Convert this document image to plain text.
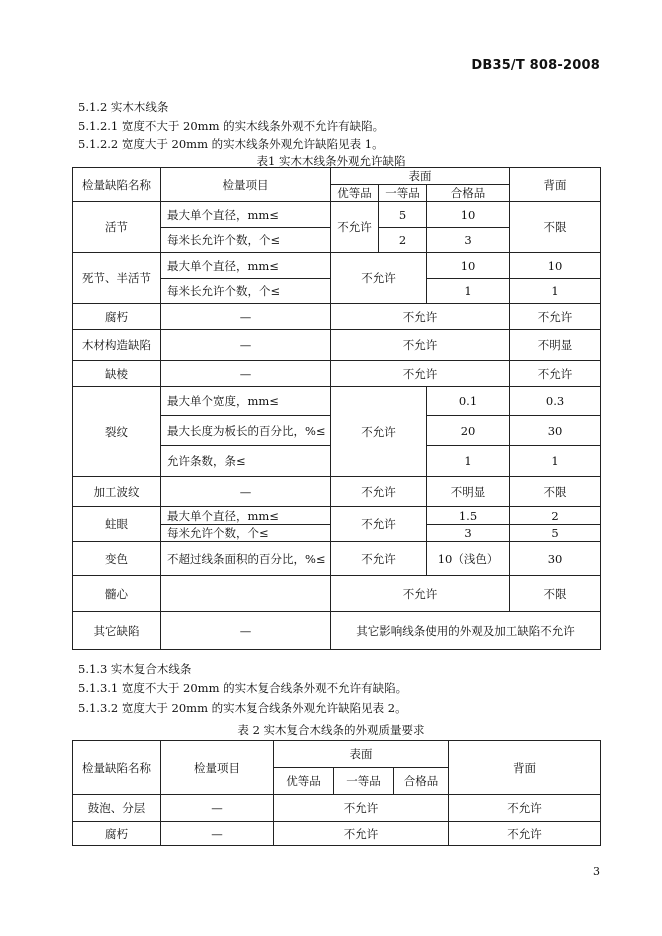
DB35/T 808-2008
5.1.2 实木木线条
5.1.2.1 宽度不大于 20mm 的实木线条外观不允许有缺陷。
5.1.2.2 宽度大于 20mm 的实木线条外观允许缺陷见表 1。
表1 实木木线条外观允许缺陷
检量缺陷名称	检量项目	表面			背面
		优等品	一等品	合格品	
活节	最大单个直径，mm≤	不允许	5	10	不限
	每米长允许个数，个≤		2	3	
死节、半活节	最大单个直径，mm≤	不允许		10	10
	每米长允许个数，个≤			1	1
腐朽	—	不允许			不允许
木材构造缺陷	—	不允许			不明显
缺棱	—	不允许			不允许
裂纹	最大单个宽度，mm≤	不允许		0.1	0.3
	最大长度为板长的百分比，%≤			20	30
	允许条数，条≤			1	1
加工波纹	—	不允许		不明显	不限
蛀眼	最大单个直径，mm≤	不允许		1.5	2
	每米允许个数，个≤			3	5
变色	不超过线条面积的百分比，%≤	不允许		10（浅色）	30
髓心		不允许			不限
其它缺陷	—	其它影响线条使用的外观及加工缺陷不允许			
5.1.3 实木复合木线条
5.1.3.1 宽度不大于 20mm 的实木复合线条外观不允许有缺陷。
5.1.3.2 宽度大于 20mm 的实木复合线条外观允许缺陷见表 2。
表 2 实木复合木线条的外观质量要求
检量缺陷名称	检量项目	表面			背面
		优等品	一等品	合格品	
鼓泡、分层	—	不允许			不允许
腐朽	—	不允许			不允许
3
